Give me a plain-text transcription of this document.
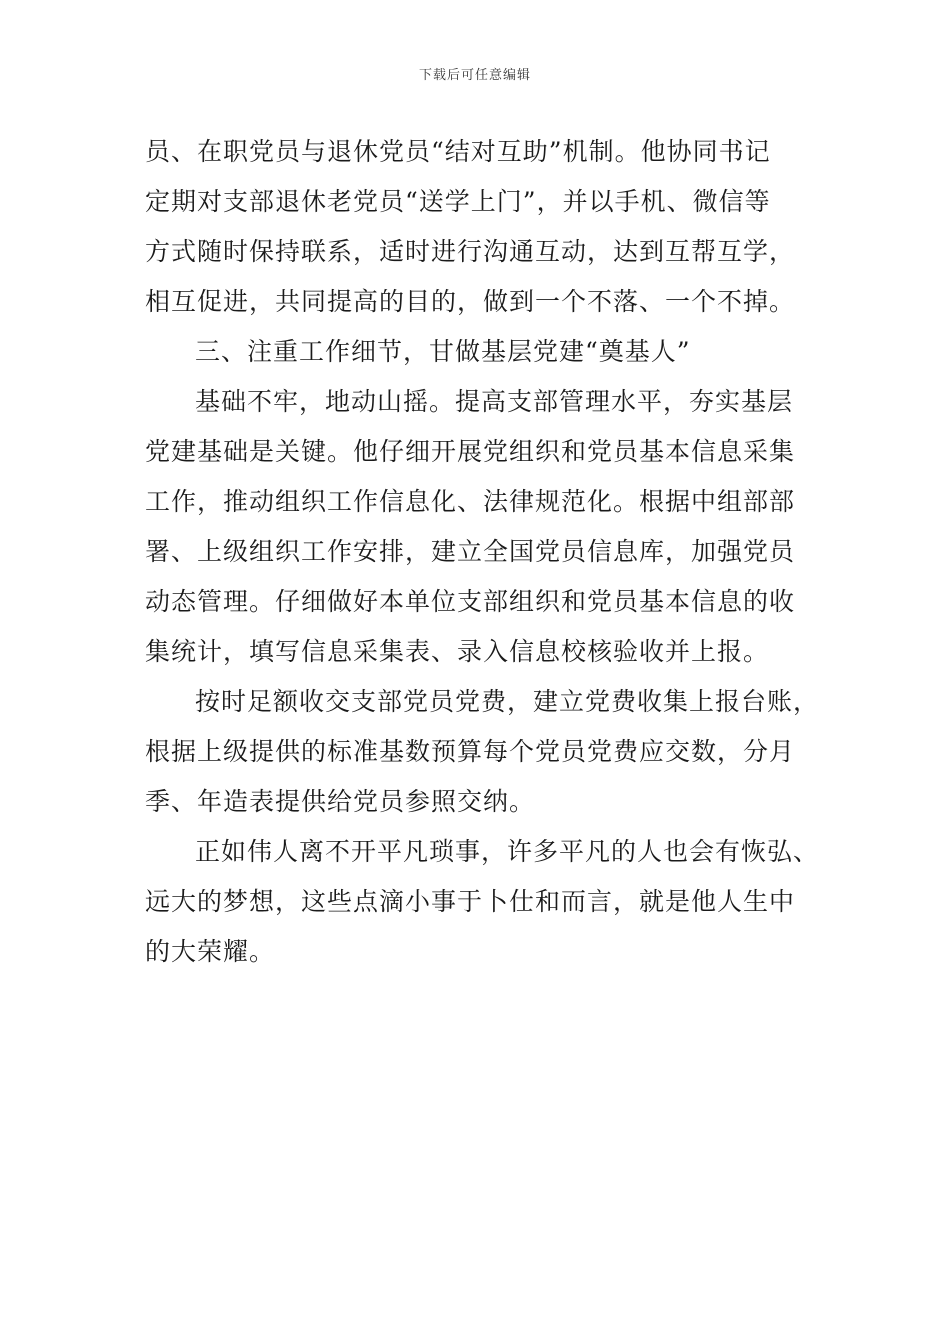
下载后可任意编辑
员、在职党员与退休党员“结对互助”机制。他协同书记
定期对支部退休老党员“送学上门”，并以手机、微信等
方式随时保持联系，适时进行沟通互动，达到互帮互学，
相互促进，共同提高的目的，做到一个不落、一个不掉。
三、注重工作细节，甘做基层党建“奠基人”
基础不牢，地动山摇。提高支部管理水平，夯实基层
党建基础是关键。他仔细开展党组织和党员基本信息采集
工作，推动组织工作信息化、法律规范化。根据中组部部
署、上级组织工作安排，建立全国党员信息库，加强党员
动态管理。仔细做好本单位支部组织和党员基本信息的收
集统计，填写信息采集表、录入信息校核验收并上报。
按时足额收交支部党员党费，建立党费收集上报台账，
根据上级提供的标准基数预算每个党员党费应交数，分月
季、年造表提供给党员参照交纳。
正如伟人离不开平凡琐事，许多平凡的人也会有恢弘、
远大的梦想，这些点滴小事于卜仕和而言，就是他人生中
的大荣耀。
